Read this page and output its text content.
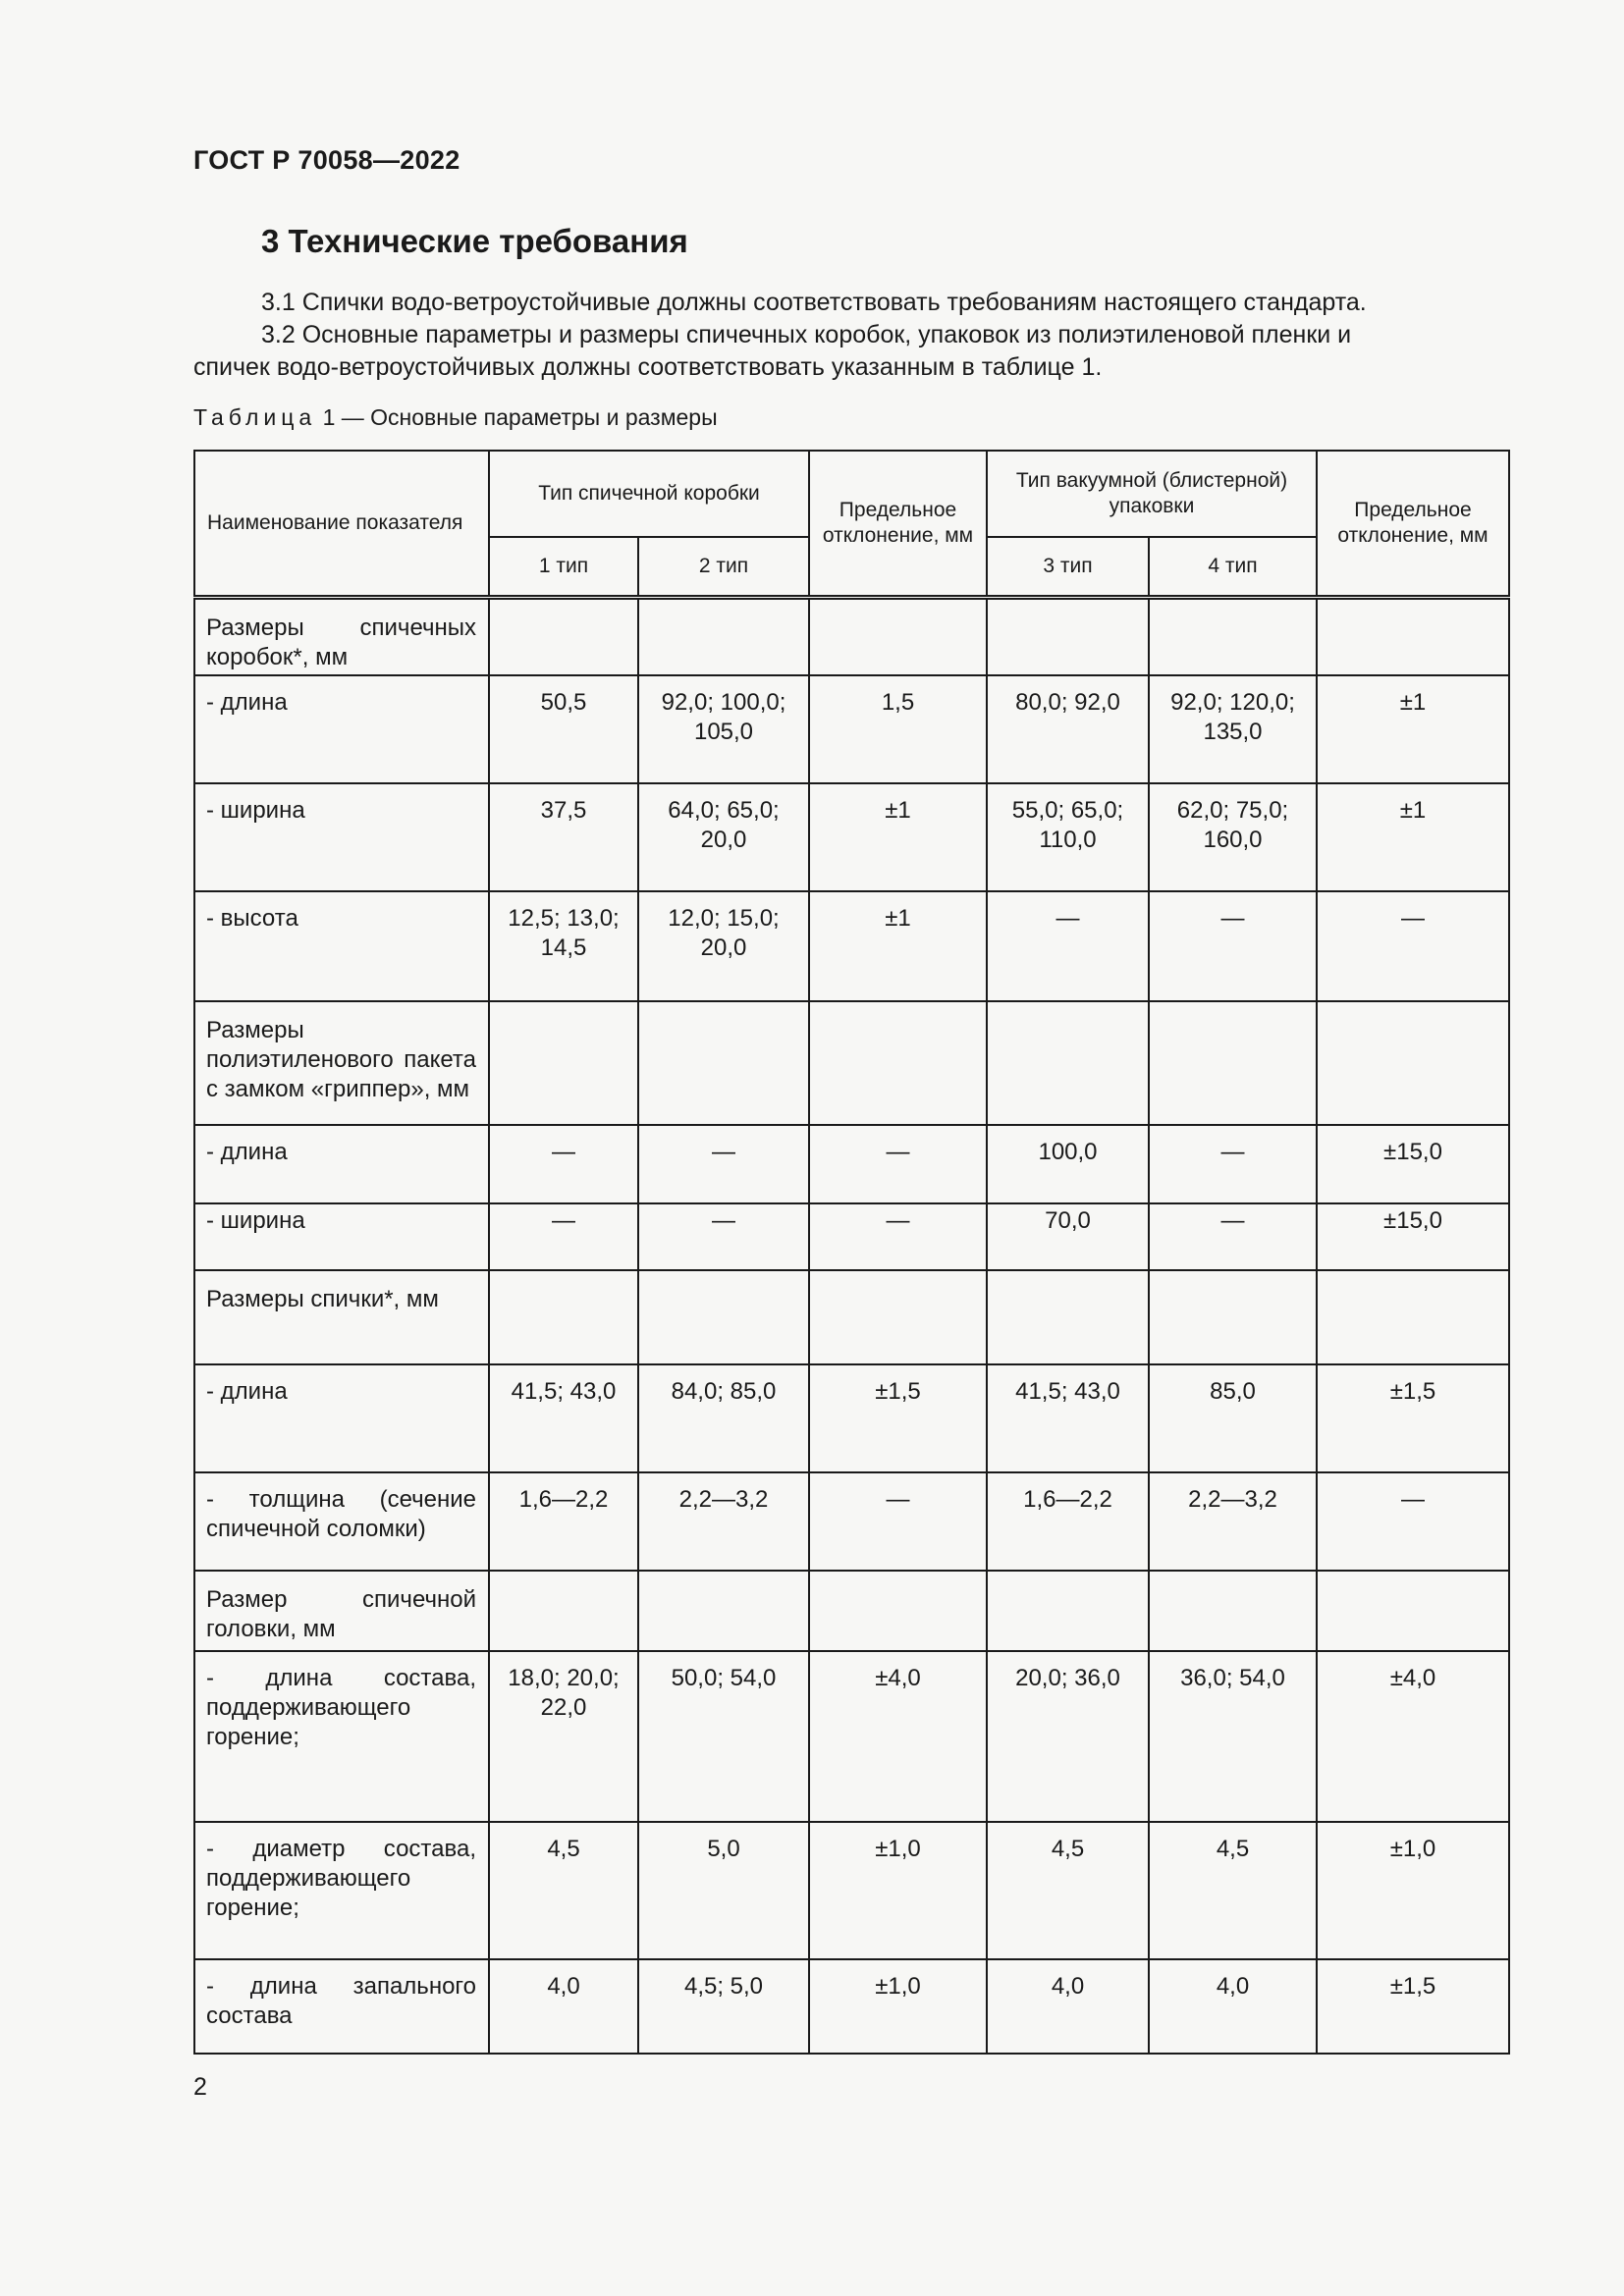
ГОСТ Р 70058—2022
3 Технические требования
3.1 Спички водо-ветроустойчивые должны соответствовать требованиям настоящего стандарта.
3.2 Основные параметры и размеры спичечных коробок, упаковок из полиэтиленовой пленки и
спичек водо-ветроустойчивых должны соответствовать указанным в таблице 1.
Таблица 1 — Основные параметры и размеры
Наименование показателя	Тип спичечной коробки		Предельное отклонение, мм	Тип вакуумной (блистерной) упаковки		Предельное отклонение, мм
	1 тип	2 тип		3 тип	4 тип	

Размеры спичечных коробок*, мм						

- длина	50,5	92,0; 100,0; 105,0	1,5	80,0; 92,0	92,0; 120,0; 135,0	±1

- ширина	37,5	64,0; 65,0; 20,0	±1	55,0; 65,0; 110,0	62,0; 75,0; 160,0	±1

- высота	12,5; 13,0; 14,5	12,0; 15,0; 20,0	±1	—	—	—

Размеры полиэтиленового пакета с замком «гриппер», мм						

- длина	—	—	—	100,0	—	±15,0

- ширина	—	—	—	70,0	—	±15,0

Размеры спички*, мм						

- длина	41,5; 43,0	84,0; 85,0	±1,5	41,5; 43,0	85,0	±1,5

- толщина (сечение спичечной соломки)	1,6—2,2	2,2—3,2	—	1,6—2,2	2,2—3,2	—

Размер спичечной головки, мм						

- длина состава, поддерживающего горение;	18,0; 20,0; 22,0	50,0; 54,0	±4,0	20,0; 36,0	36,0; 54,0	±4,0

- диаметр состава, поддерживающего горение;	4,5	5,0	±1,0	4,5	4,5	±1,0

- длина запального состава	4,0	4,5; 5,0	±1,0	4,0	4,0	±1,5
2
